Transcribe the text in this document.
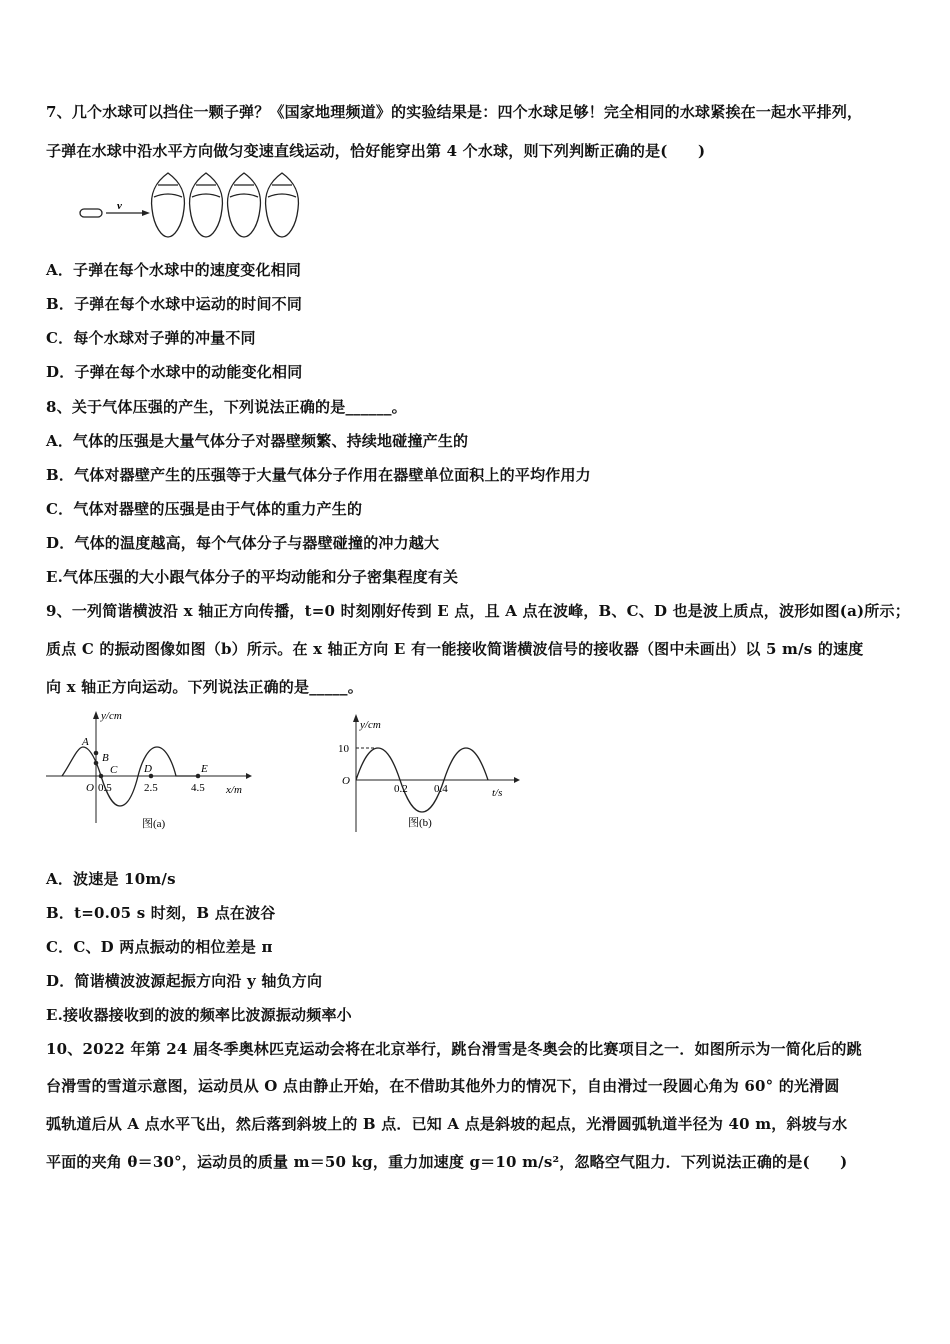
7、几个水球可以挡住一颗子弹？《国家地理频道》的实验结果是：四个水球足够！完全相同的水球紧挨在一起水平排列，
子弹在水球中沿水平方向做匀变速直线运动，恰好能穿出第 4 个水球，则下列判断正确的是(　　)
v
A．子弹在每个水球中的速度变化相同
B．子弹在每个水球中运动的时间不同
C．每个水球对子弹的冲量不同
D．子弹在每个水球中的动能变化相同
8、关于气体压强的产生，下列说法正确的是______。
A．气体的压强是大量气体分子对器壁频繁、持续地碰撞产生的
B．气体对器壁产生的压强等于大量气体分子作用在器壁单位面积上的平均作用力
C．气体对器壁的压强是由于气体的重力产生的
D．气体的温度越高，每个气体分子与器壁碰撞的冲力越大
E.气体压强的大小跟气体分子的平均动能和分子密集程度有关
9、一列简谐横波沿 x 轴正方向传播，t=0 时刻刚好传到 E 点，且 A 点在波峰，B、C、D 也是波上质点，波形如图(a)所示；
质点 C 的振动图像如图（b）所示。在 x 轴正方向 E 有一能接收简谐横波信号的接收器（图中未画出）以 5 m/s 的速度
向 x 轴正方向运动。下列说法正确的是_____。
y/cm
x/m
O
A
B
C D	E
0.5	2.5	4.5
图(a)
y/cm
t/s
O
10
0.2 0.4
图(b)
A．波速是 10m/s
B．t=0.05 s 时刻，B 点在波谷
C．C、D 两点振动的相位差是 π
D．简谐横波波源起振方向沿 y 轴负方向
E.接收器接收到的波的频率比波源振动频率小
10、2022 年第 24 届冬季奥林匹克运动会将在北京举行，跳台滑雪是冬奥会的比赛项目之一．如图所示为一简化后的跳
台滑雪的雪道示意图，运动员从 O 点由静止开始，在不借助其他外力的情况下，自由滑过一段圆心角为 60° 的光滑圆
弧轨道后从 A 点水平飞出，然后落到斜坡上的 B 点．已知 A 点是斜坡的起点，光滑圆弧轨道半径为 40 m，斜坡与水
平面的夹角 θ＝30°，运动员的质量 m＝50 kg，重力加速度 g＝10 m/s²，忽略空气阻力．下列说法正确的是(　　)
